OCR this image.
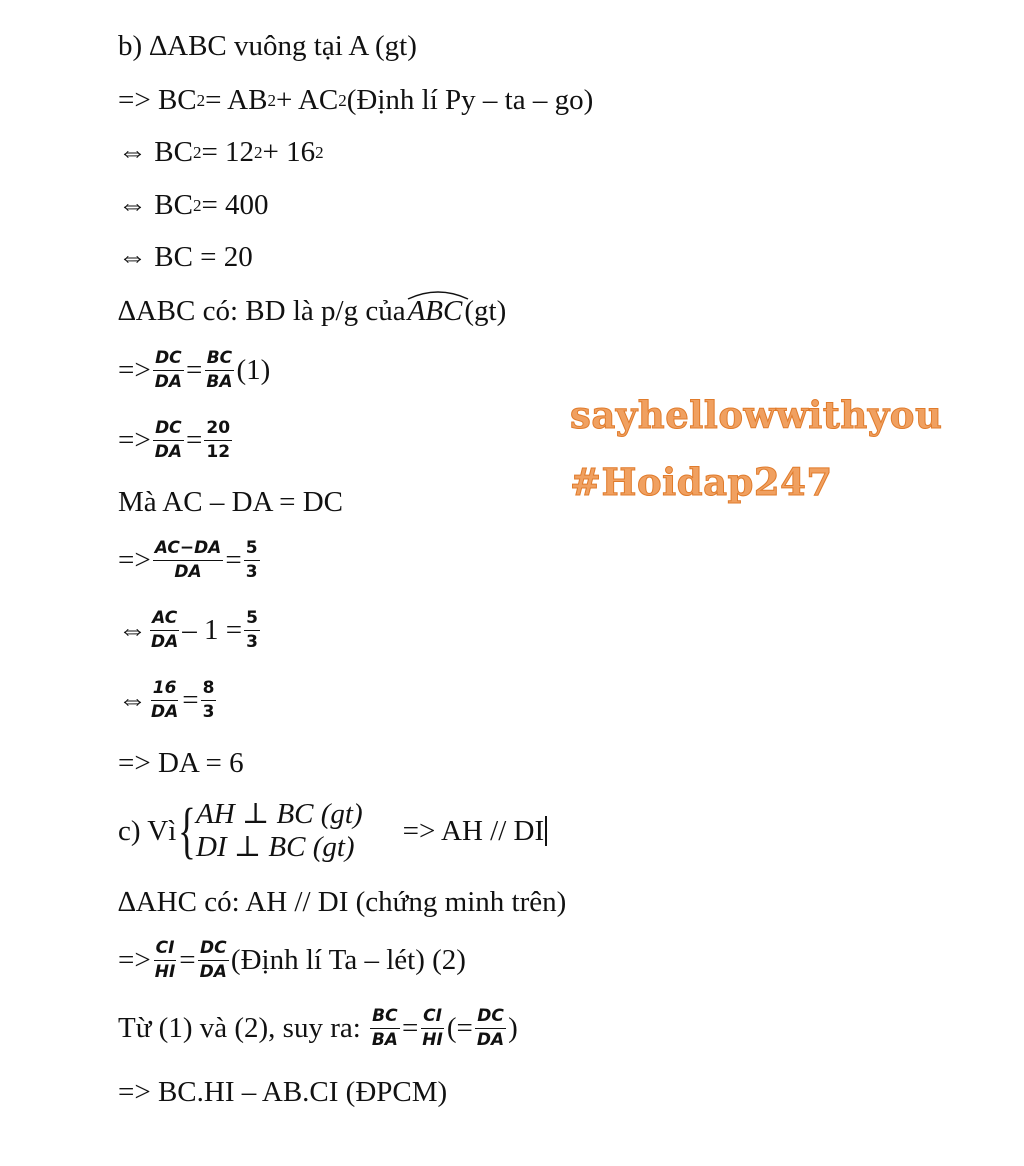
b) ∆ABC vuông tại A (gt)
=> BC 2 = AB 2 + AC 2 (Định lí Py – ta – go)
⇔ BC 2 = 12 2 + 16 2
⇔ BC 2 = 400
⇔ BC = 20
∆ABC có: BD là p/g của ABC (gt)
=> $\frac{DC}{DA} = \frac{BC}{BA} (1)$
=> $\frac{DC}{DA} = \frac{20}{12}$
Mà AC – DA = DC
=> $\frac{AC-DA}{DA} = \frac{5}{3}$
⇔ $\frac{AC}{DA} - 1 = \frac{5}{3}$
⇔ $\frac{16}{DA} = \frac{8}{3}$
=> DA = 6
c) Vì { AH ⊥ BC (gt)
DI ⊥ BC (gt)
=> AH // DI
∆AHC có: AH // DI (chứng minh trên)
=> $\frac{CI}{HI} = \frac{DC}{DA}$ (Định lí Ta – lét) (2)
Từ (1) và (2), suy ra: $\frac{BC}{BA} = \frac{CI}{HI}$ (= $\frac{DC}{DA}$ )
=> BC.HI – AB.CI (ĐPCM)
sayhellowwithyou
#Hoidap247
